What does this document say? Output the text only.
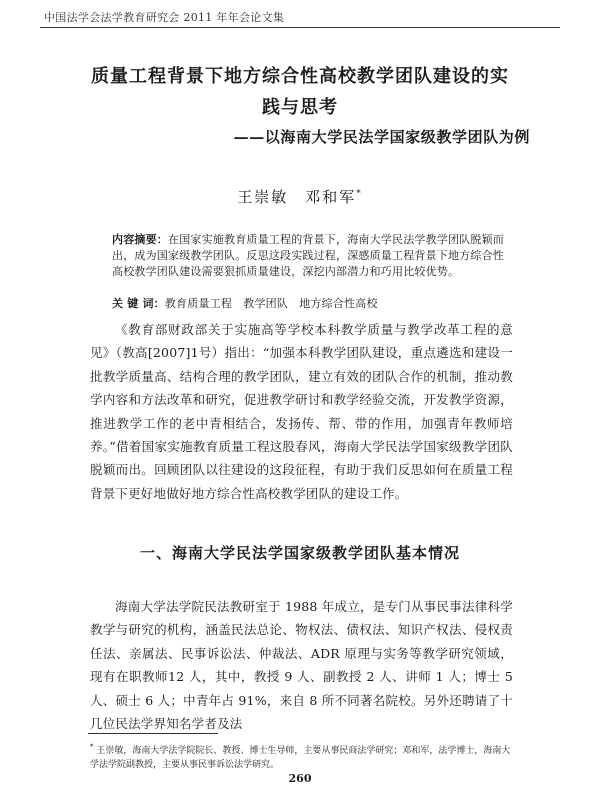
中国法学会法学教育研究会 2011 年年会论文集
质量工程背景下地方综合性高校教学团队建设的实
践与思考
——以海南大学民法学国家级教学团队为例
王崇敏　邓和军*
内容摘要：在国家实施教育质量工程的背景下，海南大学民法学教学团队脱颖而出，成为国家级教学团队。反思这段实践过程，深感质量工程背景下地方综合性高校教学团队建设需要狠抓质量建设，深挖内部潜力和巧用比较优势。
关 键 词：教育质量工程　教学团队　地方综合性高校

《教育部财政部关于实施高等学校本科教学质量与教学改革工程的意见》（教高[2007]1号）指出：“加强本科教学团队建设，重点遴选和建设一批教学质量高、结构合理的教学团队，建立有效的团队合作的机制，推动教学内容和方法改革和研究，促进教学研讨和教学经验交流，开发教学资源，推进教学工作的老中青相结合，发扬传、帮、带的作用，加强青年教师培养。”借着国家实施教育质量工程这股春风，海南大学民法学国家级教学团队脱颖而出。回顾团队以往建设的这段征程，有助于我们反思如何在质量工程背景下更好地做好地方综合性高校教学团队的建设工作。

一、海南大学民法学国家级教学团队基本情况

海南大学法学院民法教研室于 1988 年成立，是专门从事民事法律科学教学与研究的机构，涵盖民法总论、物权法、债权法、知识产权法、侵权责任法、亲属法、民事诉讼法、仲裁法、ADR 原理与实务等教学研究领域，现有在职教师12 人，其中，教授 9 人、副教授 2 人、讲师 1 人；博士 5 人、硕士 6 人；中青年占 91%，来自 8 所不同著名院校。另外还聘请了十几位民法学界知名学者及法

* 王崇敏，海南大学法学院院长、教授、博士生导师，主要从事民商法学研究；邓和军，法学博士，海南大学法学院副教授，主要从事民事诉讼法学研究。
260
